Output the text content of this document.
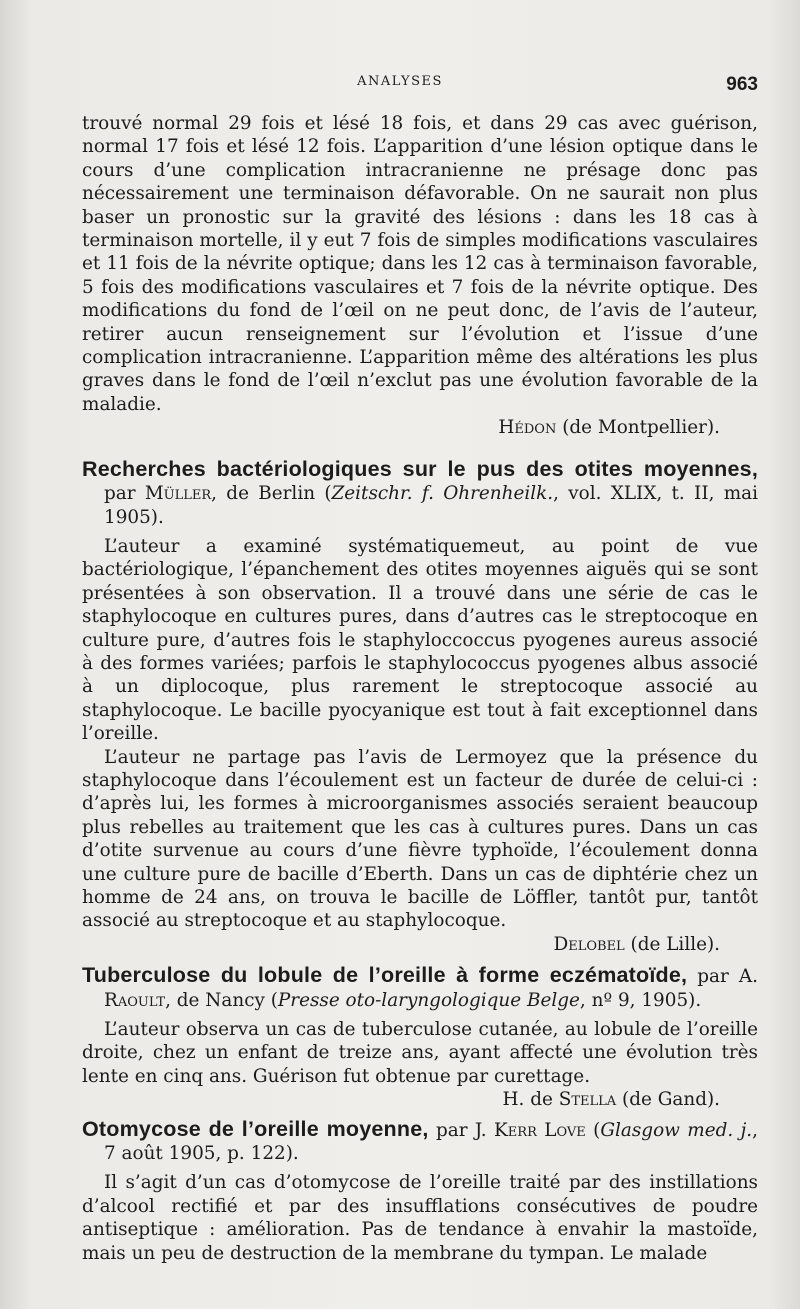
ANALYSES	963

trouvé normal 29 fois et lésé 18 fois, et dans 29 cas avec guérison, normal 17 fois et lésé 12 fois. L’apparition d’une lésion optique dans le cours d’une complication intracranienne ne présage donc pas nécessairement une terminaison défavorable. On ne saurait non plus baser un pronostic sur la gravité des lésions : dans les 18 cas à terminaison mortelle, il y eut 7 fois de simples modifications vasculaires et 11 fois de la névrite optique; dans les 12 cas à terminaison favorable, 5 fois des modifications vasculaires et 7 fois de la névrite optique. Des modifications du fond de l’œil on ne peut donc, de l’avis de l’auteur, retirer aucun renseignement sur l’évolution et l’issue d’une complication intracranienne. L’apparition même des altérations les plus graves dans le fond de l’œil n’exclut pas une évolution favorable de la maladie.

Hédon (de Montpellier).

Recherches bactériologiques sur le pus des otites moyennes, par Müller, de Berlin (Zeitschr. f. Ohrenheilk., vol. XLIX, t. II, mai 1905).

L’auteur a examiné systématiquemeut, au point de vue bactériologique, l’épanchement des otites moyennes aiguës qui se sont présentées à son observation. Il a trouvé dans une série de cas le staphylocoque en cultures pures, dans d’autres cas le streptocoque en culture pure, d’autres fois le staphyloccoccus pyogenes aureus associé à des formes variées; parfois le staphylococcus pyogenes albus associé à un diplocoque, plus rarement le streptocoque associé au staphylocoque. Le bacille pyocyanique est tout à fait exceptionnel dans l’oreille.

L’auteur ne partage pas l’avis de Lermoyez que la présence du staphylocoque dans l’écoulement est un facteur de durée de celui-ci : d’après lui, les formes à microorganismes associés seraient beaucoup plus rebelles au traitement que les cas à cultures pures. Dans un cas d’otite survenue au cours d’une fièvre typhoïde, l’écoulement donna une culture pure de bacille d’Eberth. Dans un cas de diphtérie chez un homme de 24 ans, on trouva le bacille de Löffler, tantôt pur, tantôt associé au streptocoque et au staphylocoque.

Delobel (de Lille).

Tuberculose du lobule de l’oreille à forme eczématoïde, par A. Raoult, de Nancy (Presse oto-laryngologique Belge, nº 9, 1905).

L’auteur observa un cas de tuberculose cutanée, au lobule de l’oreille droite, chez un enfant de treize ans, ayant affecté une évolution très lente en cinq ans. Guérison fut obtenue par curettage.

H. de Stella (de Gand).

Otomycose de l’oreille moyenne, par J. Kerr Love (Glasgow med. j., 7 août 1905, p. 122).

Il s’agit d’un cas d’otomycose de l’oreille traité par des instillations d’alcool rectifié et par des insufflations consécutives de poudre antiseptique : amélioration. Pas de tendance à envahir la mastoïde, mais un peu de destruction de la membrane du tympan. Le malade
